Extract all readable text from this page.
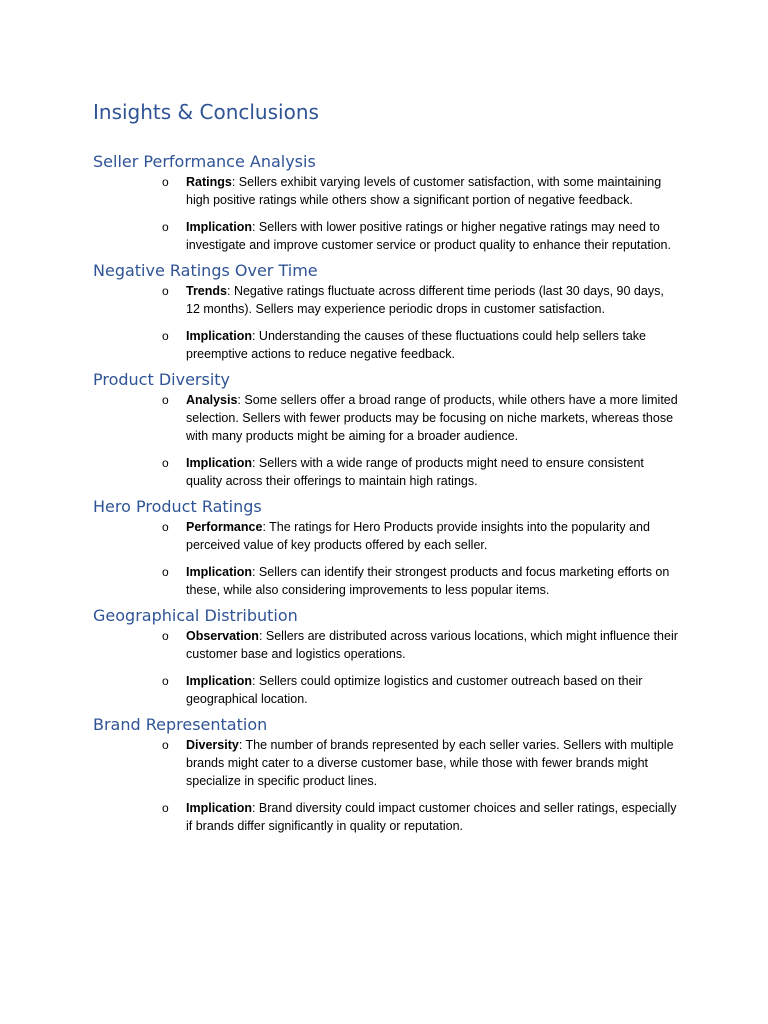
Insights & Conclusions
Seller Performance Analysis
o Ratings: Sellers exhibit varying levels of customer satisfaction, with some maintaining high positive ratings while others show a significant portion of negative feedback.
o Implication: Sellers with lower positive ratings or higher negative ratings may need to investigate and improve customer service or product quality to enhance their reputation.
Negative Ratings Over Time
o Trends: Negative ratings fluctuate across different time periods (last 30 days, 90 days, 12 months). Sellers may experience periodic drops in customer satisfaction.
o Implication: Understanding the causes of these fluctuations could help sellers take preemptive actions to reduce negative feedback.
Product Diversity
o Analysis: Some sellers offer a broad range of products, while others have a more limited selection. Sellers with fewer products may be focusing on niche markets, whereas those with many products might be aiming for a broader audience.
o Implication: Sellers with a wide range of products might need to ensure consistent quality across their offerings to maintain high ratings.
Hero Product Ratings
o Performance: The ratings for Hero Products provide insights into the popularity and perceived value of key products offered by each seller.
o Implication: Sellers can identify their strongest products and focus marketing efforts on these, while also considering improvements to less popular items.
Geographical Distribution
o Observation: Sellers are distributed across various locations, which might influence their customer base and logistics operations.
o Implication: Sellers could optimize logistics and customer outreach based on their geographical location.
Brand Representation
o Diversity: The number of brands represented by each seller varies. Sellers with multiple brands might cater to a diverse customer base, while those with fewer brands might specialize in specific product lines.
o Implication: Brand diversity could impact customer choices and seller ratings, especially if brands differ significantly in quality or reputation.
